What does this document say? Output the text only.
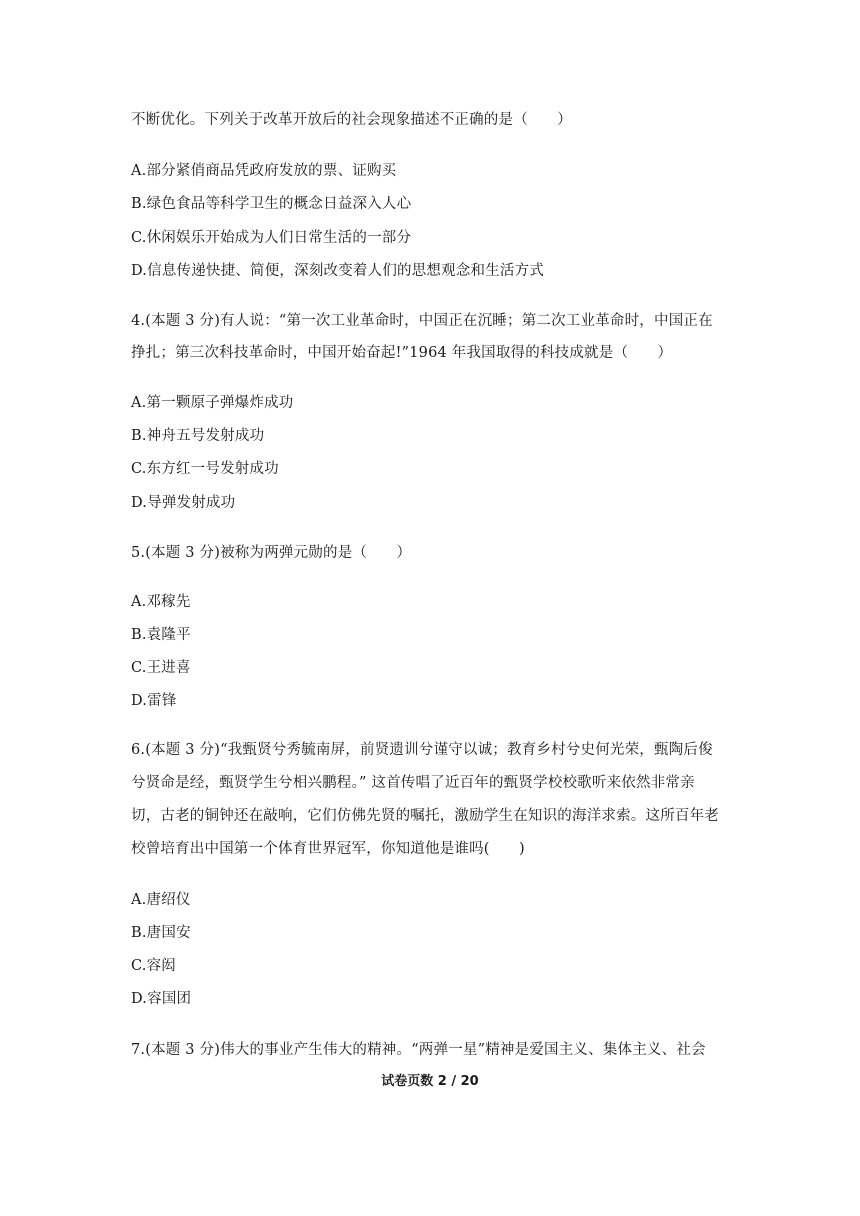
不断优化。下列关于改革开放后的社会现象描述不正确的是（　　）
A.部分紧俏商品凭政府发放的票、证购买
B.绿色食品等科学卫生的概念日益深入人心
C.休闲娱乐开始成为人们日常生活的一部分
D.信息传递快捷、简便，深刻改变着人们的思想观念和生活方式
4.(本题 3 分)有人说：“第一次工业革命时，中国正在沉睡；第二次工业革命时，中国正在
挣扎；第三次科技革命时，中国开始奋起!”1964 年我国取得的科技成就是（　　）
A.第一颗原子弹爆炸成功
B.神舟五号发射成功
C.东方红一号发射成功
D.导弹发射成功
5.(本题 3 分)被称为两弹元勋的是（　　）
A.邓稼先
B.袁隆平
C.王进喜
D.雷锋
6.(本题 3 分)“我甄贤兮秀毓南屏，前贤遗训兮谨守以诚；教育乡村兮史何光荣，甄陶后俊
兮贤命是经，甄贤学生兮相兴鹏程。” 这首传唱了近百年的甄贤学校校歌听来依然非常亲
切，古老的铜钟还在敲响，它们仿佛先贤的嘱托，激励学生在知识的海洋求索。这所百年老
校曾培育出中国第一个体育世界冠军，你知道他是谁吗(　　)
A.唐绍仪
B.唐国安
C.容闳
D.容国团
7.(本题 3 分)伟大的事业产生伟大的精神。“两弹一星”精神是爱国主义、集体主义、社会
试卷页数 2 / 20
